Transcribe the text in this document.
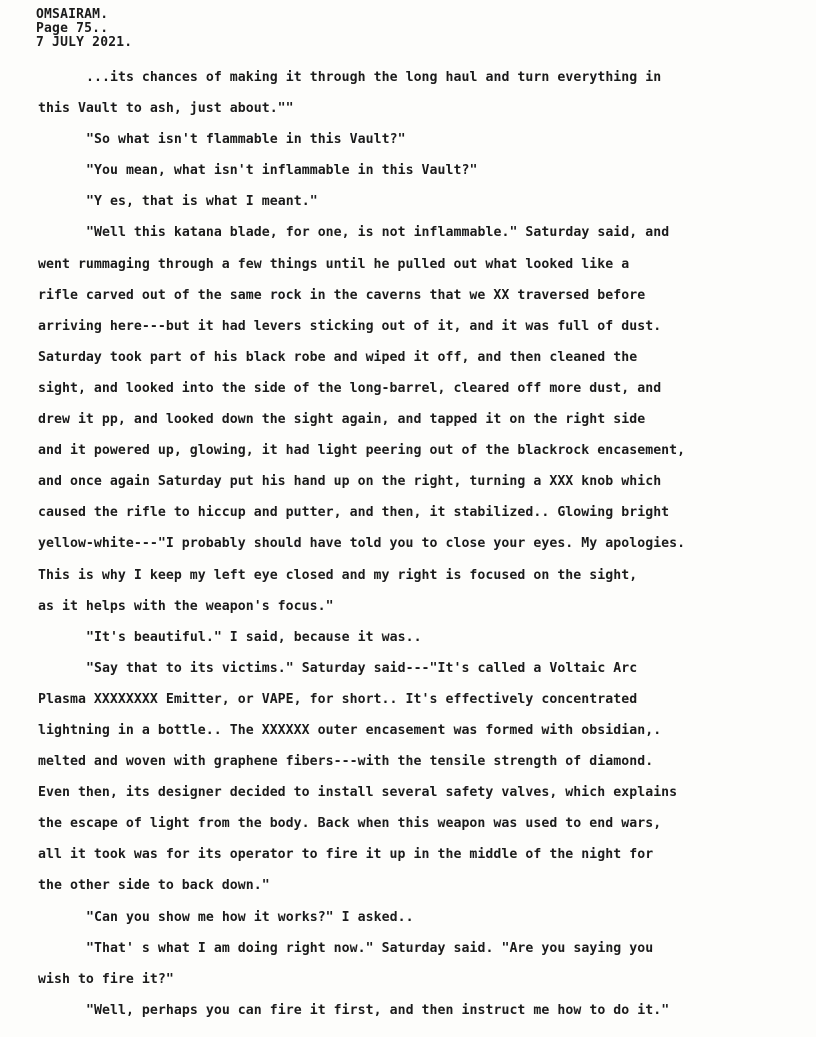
OMSAIRAM.
Page 75..
7 JULY 2021.
...its chances of making it through the long haul and turn everything in
this Vault to ash, just about.""
"So what isn't flammable in this Vault?"
"You mean, what isn't inflammable in this Vault?"
"Y es, that is what I meant."
"Well this katana blade, for one, is not inflammable." Saturday said, and
went rummaging through a few things until he pulled out what looked like a
rifle carved out of the same rock in the caverns that we XX traversed before
arriving here---but it had levers sticking out of it, and it was full of dust.
Saturday took part of his black robe and wiped it off, and then cleaned the
sight, and looked into the side of the long-barrel, cleared off more dust, and
drew it pp, and looked down the sight again, and tapped it on the right side
and it powered up, glowing, it had light peering out of the blackrock encasement,
and once again Saturday put his hand up on the right, turning a XXX knob which
caused the rifle to hiccup and putter, and then, it stabilized.. Glowing bright
yellow-white---"I probably should have told you to close your eyes. My apologies.
This is why I keep my left eye closed and my right is focused on the sight,
as it helps with the weapon's focus."
"It's beautiful." I said, because it was..
"Say that to its victims." Saturday said---"It's called a Voltaic Arc
Plasma XXXXXXXX Emitter, or VAPE, for short.. It's effectively concentrated
lightning in a bottle.. The XXXXXX outer encasement was formed with obsidian,.
melted and woven with graphene fibers---with the tensile strength of diamond.
Even then, its designer decided to install several safety valves, which explains
the escape of light from the body. Back when this weapon was used to end wars,
all it took was for its operator to fire it up in the middle of the night for
the other side to back down."
"Can you show me how it works?" I asked..
"That' s what I am doing right now." Saturday said. "Are you saying you
wish to fire it?"
"Well, perhaps you can fire it first, and then instruct me how to do it."
